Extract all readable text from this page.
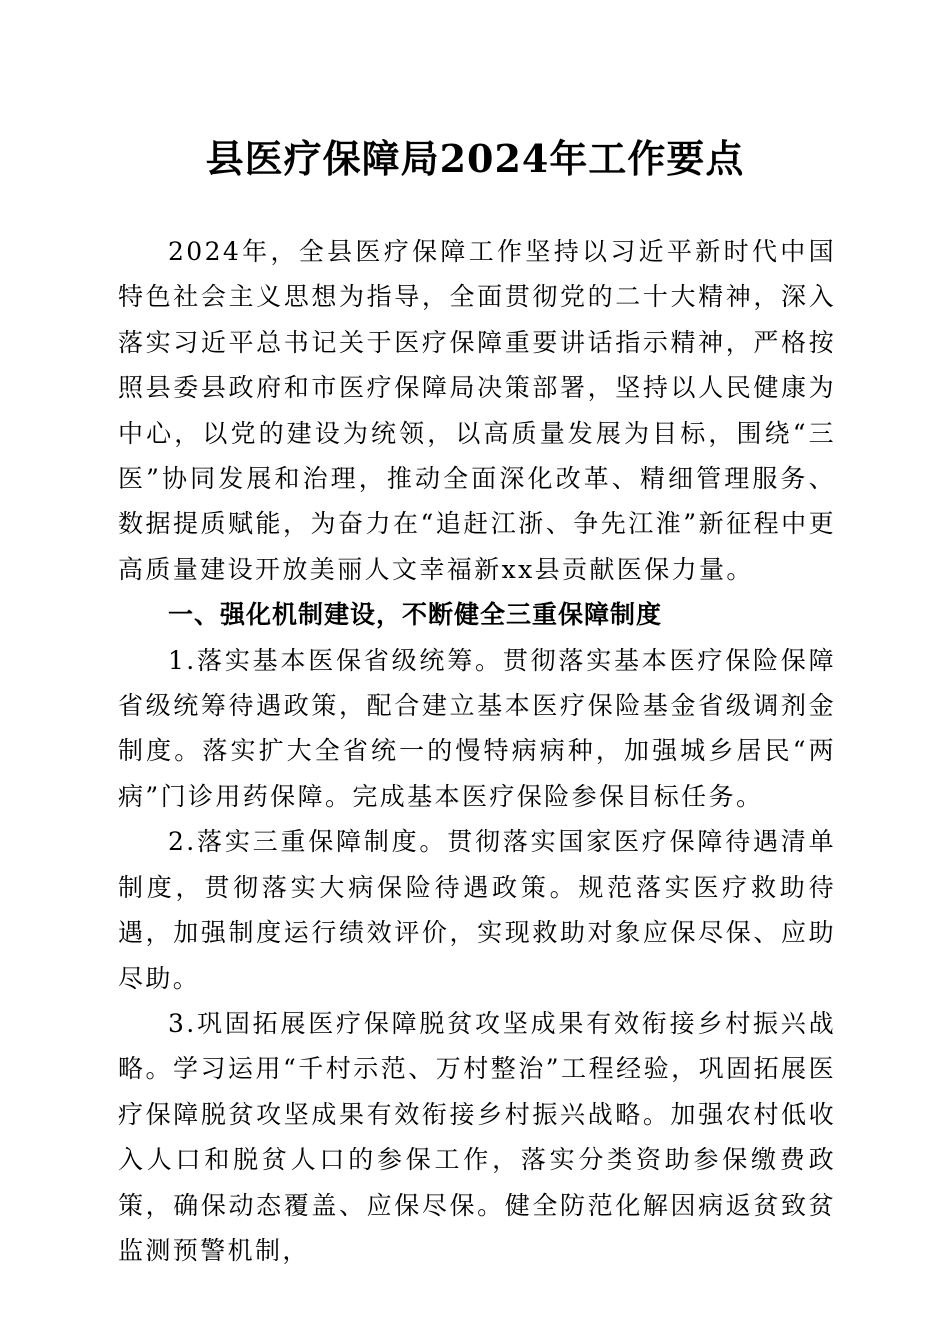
县医疗保障局2024年工作要点

2024年，全县医疗保障工作坚持以习近平新时代中国特色社会主义思想为指导，全面贯彻党的二十大精神，深入落实习近平总书记关于医疗保障重要讲话指示精神，严格按照县委县政府和市医疗保障局决策部署，坚持以人民健康为中心，以党的建设为统领，以高质量发展为目标，围绕“三医”协同发展和治理，推动全面深化改革、精细管理服务、数据提质赋能，为奋力在“追赶江浙、争先江淮”新征程中更高质量建设开放美丽人文幸福新xx县贡献医保力量。

一、强化机制建设，不断健全三重保障制度

1.落实基本医保省级统筹。贯彻落实基本医疗保险保障省级统筹待遇政策，配合建立基本医疗保险基金省级调剂金制度。落实扩大全省统一的慢特病病种，加强城乡居民“两病”门诊用药保障。完成基本医疗保险参保目标任务。

2.落实三重保障制度。贯彻落实国家医疗保障待遇清单制度，贯彻落实大病保险待遇政策。规范落实医疗救助待遇，加强制度运行绩效评价，实现救助对象应保尽保、应助尽助。

3.巩固拓展医疗保障脱贫攻坚成果有效衔接乡村振兴战略。学习运用“千村示范、万村整治”工程经验，巩固拓展医疗保障脱贫攻坚成果有效衔接乡村振兴战略。加强农村低收入人口和脱贫人口的参保工作，落实分类资助参保缴费政策，确保动态覆盖、应保尽保。健全防范化解因病返贫致贫监测预警机制，
